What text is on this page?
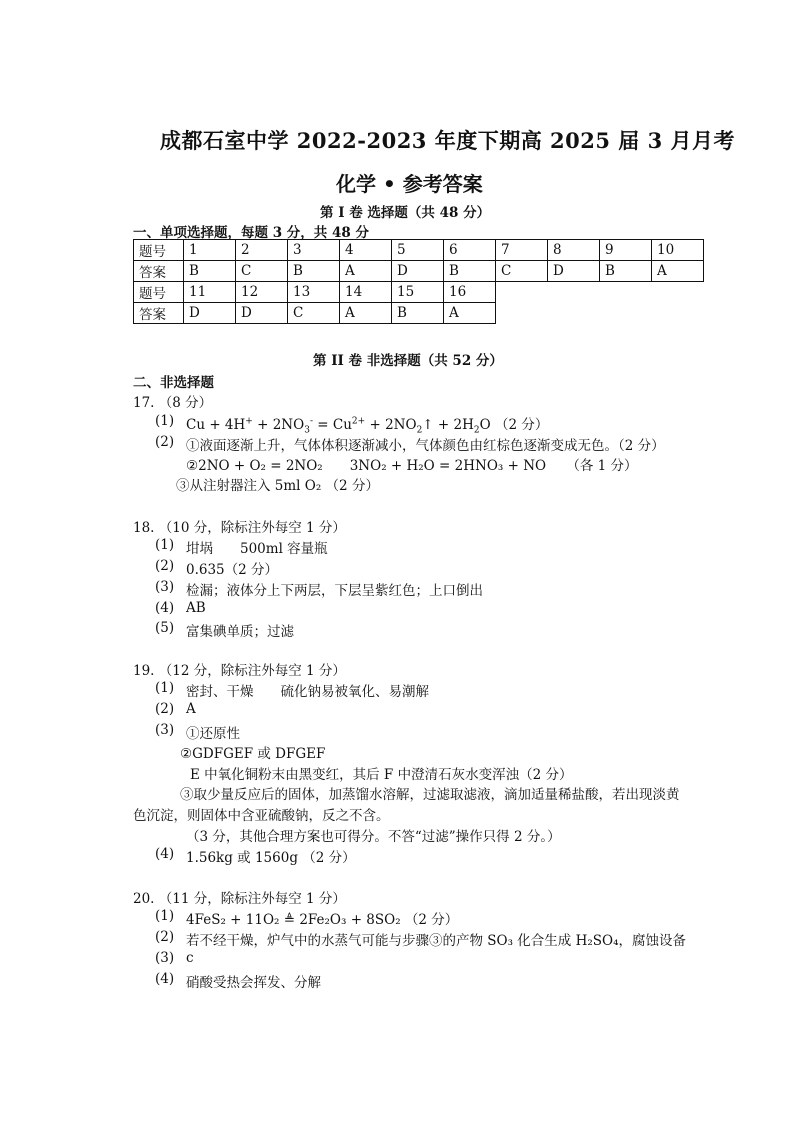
成都石室中学 2022-2023 年度下期高 2025 届 3 月月考
化学 • 参考答案
第 I 卷 选择题（共 48 分）
一、单项选择题，每题 3 分，共 48 分
题号	1	2	3	4	5	6	7	8	9	10
答案	B	C	B	A	D	B	C	D	B	A
题号	11	12	13	14	15	16				
答案	D	D	C	A	B	A				
第 II 卷 非选择题（共 52 分）
二、非选择题
17. （8 分）
(1) $Cu + 4H^+ + 2NO_3^- = Cu^{2+}$ + $2NO_2↑ + 2H_2O$ （2 分）
(2) ①液面逐渐上升，气体体积逐渐减小，气体颜色由红棕色逐渐变成无色。（2 分）
②2NO + O₂ = 2NO₂　　3NO₂ + H₂O = 2HNO₃ + NO　　（各 1 分）
③从注射器注入 5ml O₂ （2 分）
18. （10 分，除标注外每空 1 分）
(1) 坩埚　　500ml 容量瓶
(2) 0.635（2 分）
(3) 检漏；液体分上下两层，下层呈紫红色；上口倒出
(4) AB
(5) 富集碘单质；过滤
19. （12 分，除标注外每空 1 分）
(1) 密封、干燥　　硫化钠易被氧化、易潮解
(2) A
(3) ①还原性
②GDFGEF 或 DFGEF
E 中氧化铜粉末由黑变红，其后 F 中澄清石灰水变浑浊（2 分）
③取少量反应后的固体，加蒸馏水溶解，过滤取滤液，滴加适量稀盐酸，若出现淡黄
色沉淀，则固体中含亚硫酸钠，反之不含。
（3 分，其他合理方案也可得分。不答“过滤”操作只得 2 分。）
(4) 1.56kg 或 1560g （2 分）
20. （11 分，除标注外每空 1 分）
(1) 4FeS₂ + 11O₂ ≜ 2Fe₂O₃ + 8SO₂ （2 分）
(2) 若不经干燥，炉气中的水蒸气可能与步骤③的产物 SO₃ 化合生成 H₂SO₄，腐蚀设备
(3) c
(4) 硝酸受热会挥发、分解
